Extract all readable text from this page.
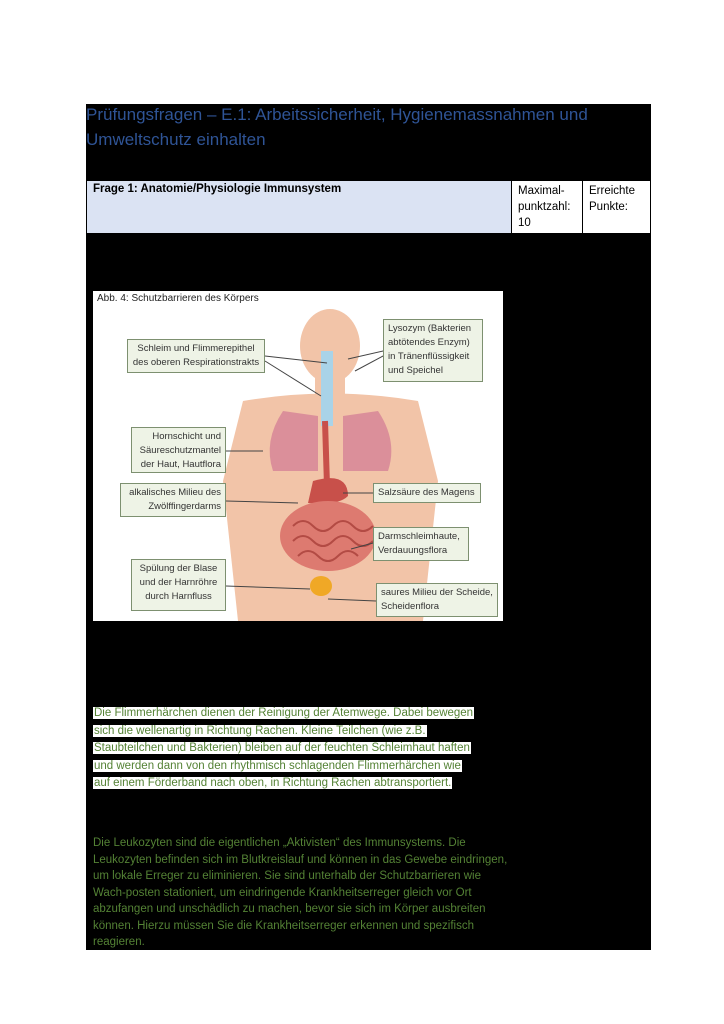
Prüfungsfragen – E.1: Arbeitssicherheit, Hygienemassnahmen und Umweltschutz einhalten
Frage 1: Anatomie/Physiologie Immunsystem	Maximal-punktzahl: 10	Erreichte Punkte:
Abb. 4: Schutzbarrieren des Körpers
Schleim und Flimmerepithel des oberen Respirationstrakts
Lysozym (Bakterien abtötendes Enzym) in Tränenflüssigkeit und Speichel
Hornschicht und Säureschutzmantel der Haut, Hautflora
Salzsäure des Magens
alkalisches Milieu des Zwölffingerdarms
Darmschleimhaute, Verdauungsflora
Spülung der Blase und der Harnröhre durch Harnfluss	saures Milieu der Scheide, Scheidenflora
Die Flimmerhärchen dienen der Reinigung der Atemwege. Dabei bewegen
sich die wellenartig in Richtung Rachen. Kleine Teilchen (wie z.B.
Staubteilchen und Bakterien) bleiben auf der feuchten Schleimhaut haften
und werden dann von den rhythmisch schlagenden Flimmerhärchen wie
auf einem Förderband nach oben, in Richtung Rachen abtransportiert.
Die Leukozyten sind die eigentlichen „Aktivisten“ des Immunsystems. Die Leukozyten befinden sich im Blutkreislauf und können in das Gewebe eindringen, um lokale Erreger zu eliminieren. Sie sind unterhalb der Schutzbarrieren wie Wach-posten stationiert, um eindringende Krankheitserreger gleich vor Ort abzufangen und unschädlich zu machen, bevor sie sich im Körper ausbreiten können. Hierzu müssen Sie die Krankheitserreger erkennen und spezifisch reagieren.
